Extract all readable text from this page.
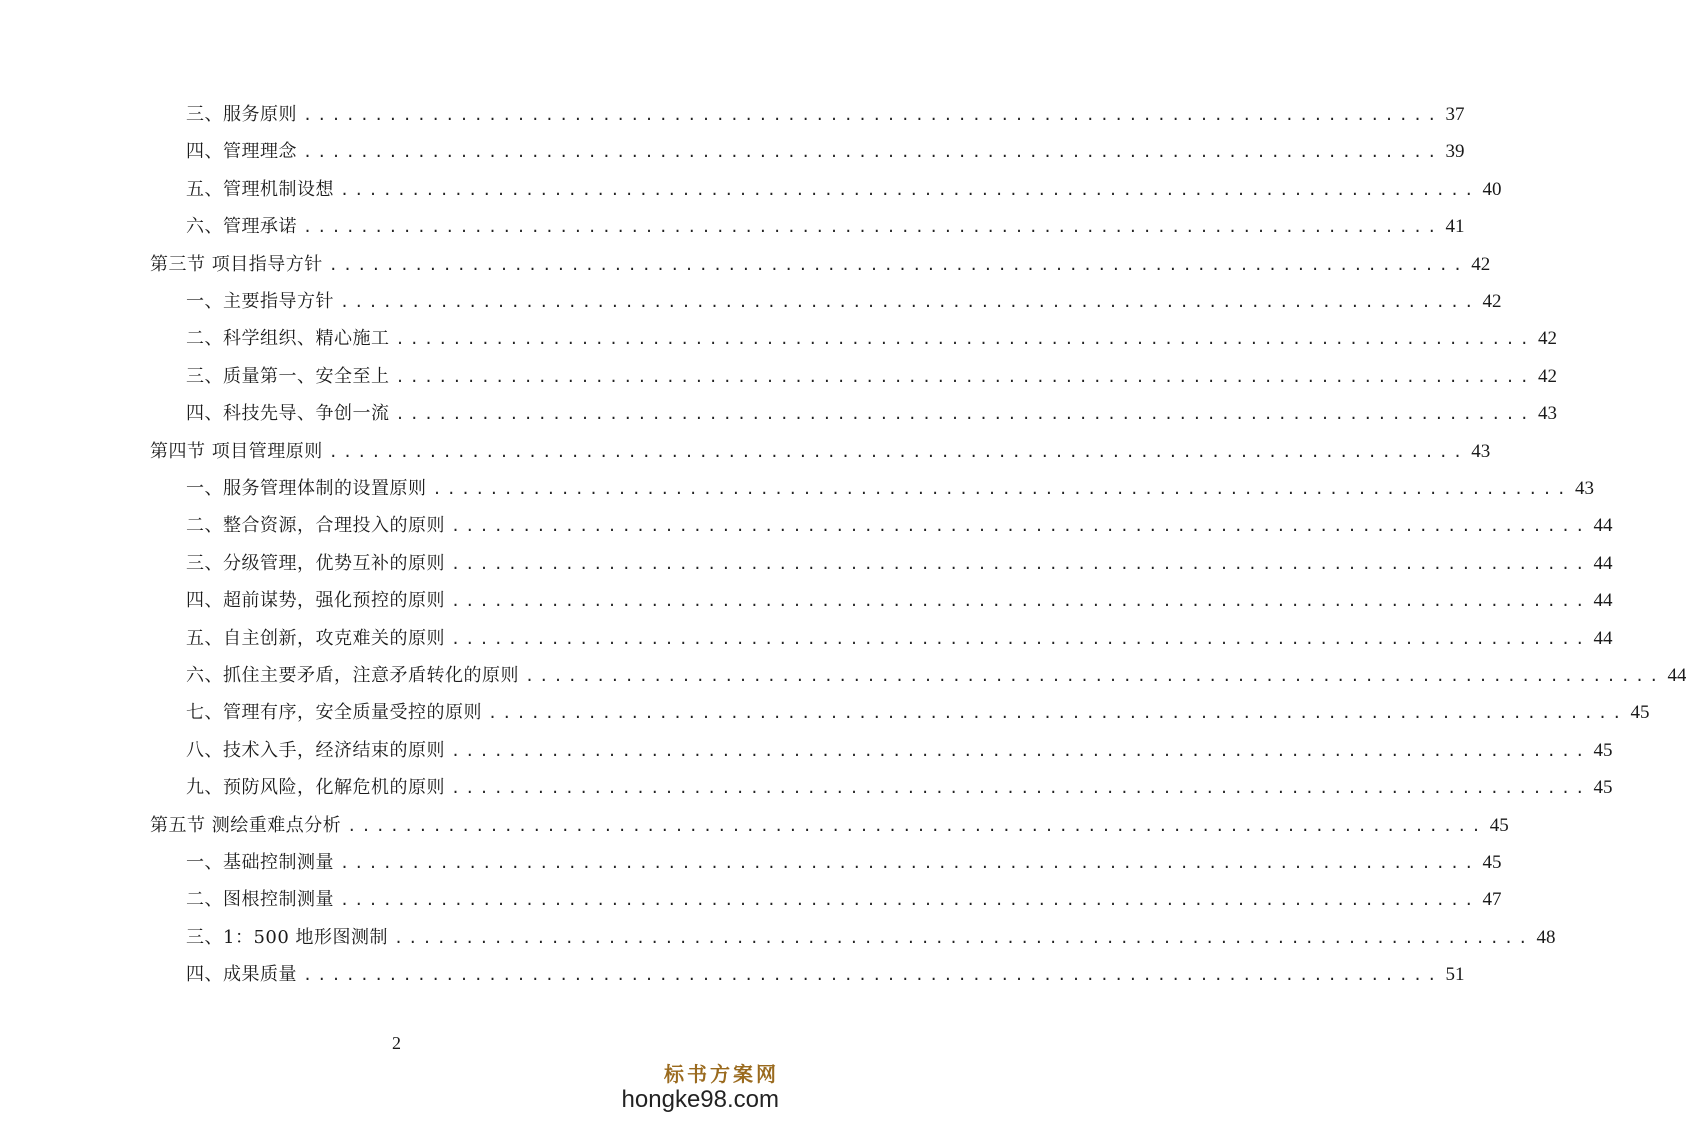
三、服务原则 ................................................................................ 37
四、管理理念 ................................................................................ 39
五、管理机制设想 ................................................................................ 40
六、管理承诺 ................................................................................ 41
第三节 项目指导方针 ................................................................................ 42
一、主要指导方针 ................................................................................ 42
二、科学组织、精心施工 ................................................................................ 42
三、质量第一、安全至上 ................................................................................ 42
四、科技先导、争创一流 ................................................................................ 43
第四节 项目管理原则 ................................................................................ 43
一、服务管理体制的设置原则 ................................................................................ 43
二、整合资源，合理投入的原则 ................................................................................ 44
三、分级管理，优势互补的原则 ................................................................................ 44
四、超前谋势，强化预控的原则 ................................................................................ 44
五、自主创新，攻克难关的原则 ................................................................................ 44
六、抓住主要矛盾，注意矛盾转化的原则 ................................................................................ 44
七、管理有序，安全质量受控的原则 ................................................................................ 45
八、技术入手，经济结束的原则 ................................................................................ 45
九、预防风险，化解危机的原则 ................................................................................ 45
第五节 测绘重难点分析 ................................................................................ 45
一、基础控制测量 ................................................................................ 45
二、图根控制测量 ................................................................................ 47
三、1：500 地形图测制 ................................................................................ 48
四、成果质量 ................................................................................ 51
2
标书方案网
hongke98.com
